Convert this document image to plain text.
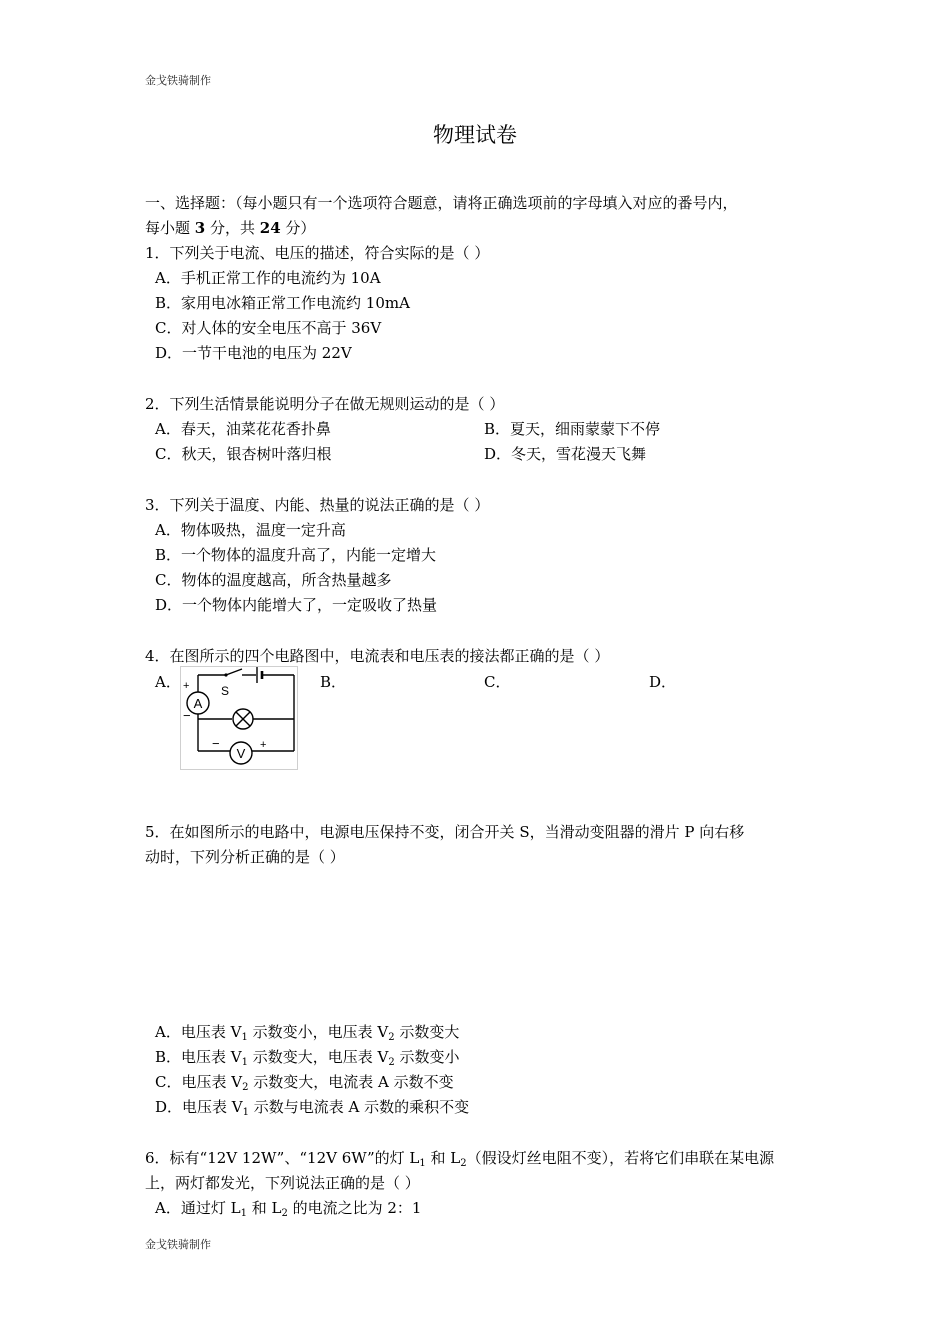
金戈铁骑制作
物理试卷
一、选择题：（每小题只有一个选项符合题意，请将正确选项前的字母填入对应的番号内，
每小题 3 分，共 24 分）
1．下列关于电流、电压的描述，符合实际的是（ ）
A．手机正常工作的电流约为 10A
B．家用电冰箱正常工作电流约 10mA
C．对人体的安全电压不高于 36V
D．一节干电池的电压为 22V
2．下列生活情景能说明分子在做无规则运动的是（ ）
A．春天，油菜花花香扑鼻	B．夏天，细雨蒙蒙下不停
C．秋天，银杏树叶落归根	D．冬天，雪花漫天飞舞
3．下列关于温度、内能、热量的说法正确的是（ ）
A．物体吸热，温度一定升高
B．一个物体的温度升高了，内能一定增大
C．物体的温度越高，所含热量越多
D．一个物体内能增大了，一定吸收了热量
4．在图所示的四个电路图中，电流表和电压表的接法都正确的是（ ）
A．	B．	C．	D．
A
V
S
+
−
−	+
5．在如图所示的电路中，电源电压保持不变，闭合开关 S，当滑动变阻器的滑片 P 向右移
动时，下列分析正确的是（ ）
A．电压表 $V_1$ 示数变小，电压表 $V_2$ 示数变大
B．电压表 $V_1$ 示数变大，电压表 $V_2$ 示数变小
C．电压表 $V_2$ 示数变大，电流表 A 示数不变
D．电压表 $V_1$ 示数与电流表 A 示数的乘积不变
6．标有“12V 12W”、“12V 6W”的灯 $L_1$ 和 $L_2$（假设灯丝电阻不变），若将它们串联在某电源
上，两灯都发光，下列说法正确的是（ ）
A．通过灯 $L_1$ 和 $L_2$ 的电流之比为 2：1
金戈铁骑制作
